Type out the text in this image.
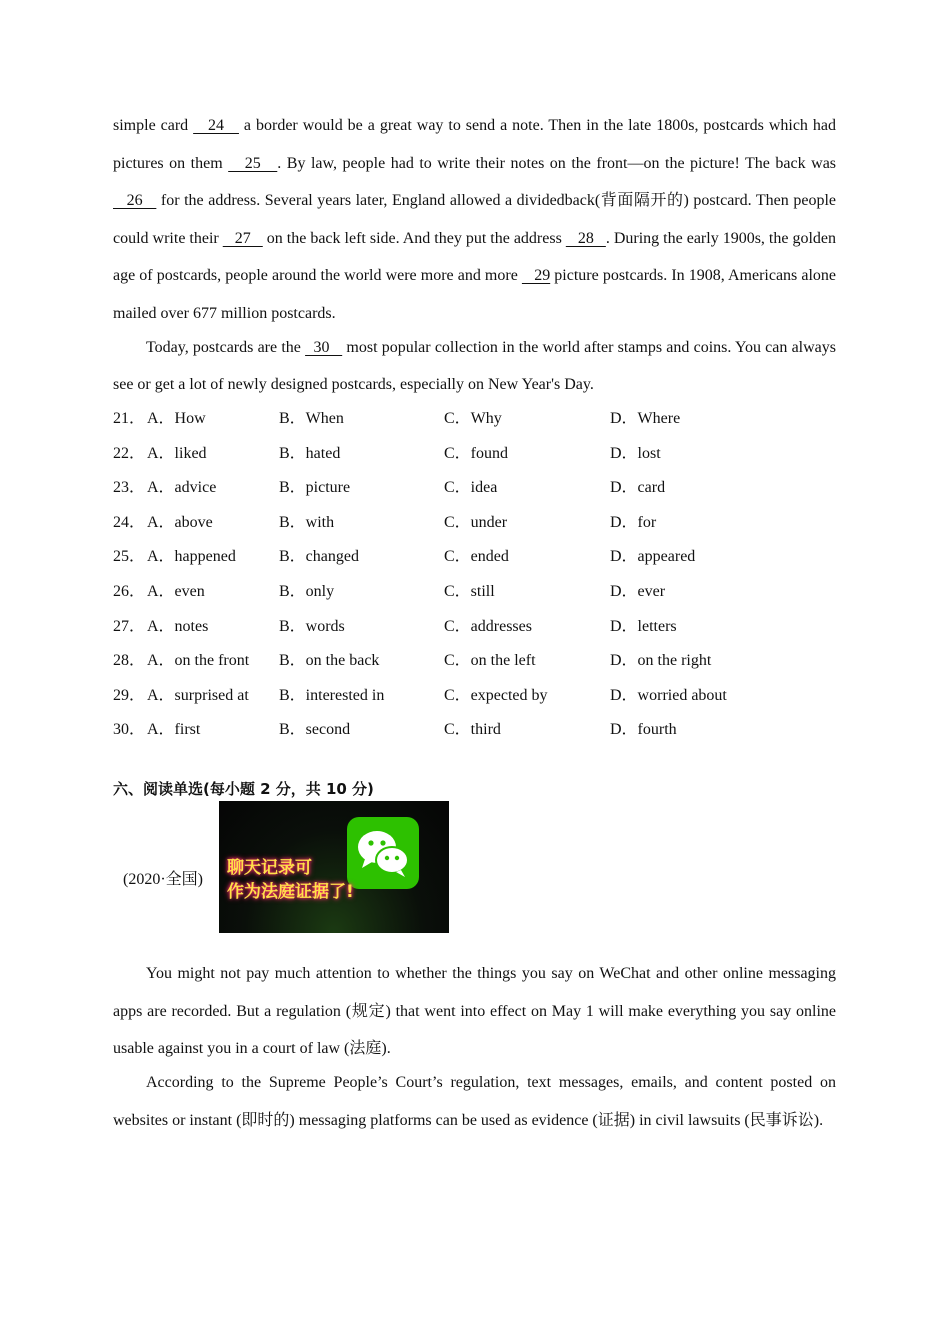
simple card    24    a border would be a great way to send a note. Then in the late 1800s, postcards which had pictures on them    25   . By law, people had to write their notes on the front—on the picture! The back was    26    for the address. Several years later, England allowed a dividedback(背面隔开的) postcard. Then people could write their    27    on the back left side. And they put the address    28   . During the early 1900s, the golden age of postcards, people around the world were more and more    29 picture postcards. In 1908, Americans alone mailed over 677 million postcards.

Today, postcards are the   30    most popular collection in the world after stamps and coins. You can always see or get a lot of newly designed postcards, especially on New Year's Day.

21． A．How	B．When	C．Why	D．Where
22． A．liked	B．hated	C．found	D．lost
23． A．advice	B．picture	C．idea	D．card
24． A．above	B．with	C．under	D．for
25． A．happened	B．changed	C．ended	D．appeared
26． A．even	B．only	C．still	D．ever
27． A．notes	B．words	C．addresses	D．letters
28． A．on the front B．on the back	C．on the left	D．on the right
29． A．surprised at B．interested in	C．expected by	D．worried about
30． A．first	B．second	C．third	D．fourth
六、阅读单选(每小题 2 分，共 10 分)
(2020·全国)
聊天记录可
作为法庭证据了!

You might not pay much attention to whether the things you say on WeChat and other online messaging apps are recorded. But a regulation (规定) that went into effect on May 1 will make everything you say online usable against you in a court of law (法庭).

According to the Supreme People’s Court’s regulation, text messages, emails, and content posted on websites or instant (即时的) messaging platforms can be used as evidence (证据) in civil lawsuits (民事诉讼).
